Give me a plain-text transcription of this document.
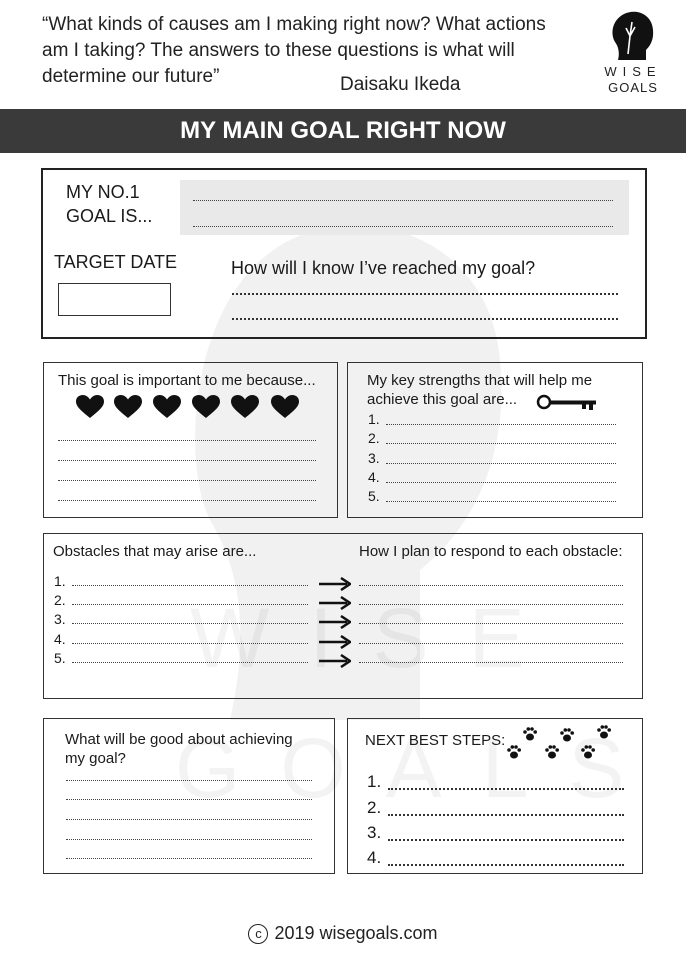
“What kinds of causes am I making right now? What actions
am I taking? The answers to these questions is what will
determine our future”	Daisaku Ikeda
WISE
GOALS
MY MAIN GOAL RIGHT NOW
MY NO.1
GOAL IS...
TARGET DATE	How will I know I’ve reached my goal?
This goal is important to me because...	My key strengths that will help me
achieve this goal are...
1.
2.
3.
4.
5.
Obstacles that may arise are...	How I plan to respond to each obstacle:
1.
2.
3.
4.
5.
What will be good about achieving
my goal?
NEXT BEST STEPS:
1.
2.
3.
4.
c 2019 wisegoals.com
